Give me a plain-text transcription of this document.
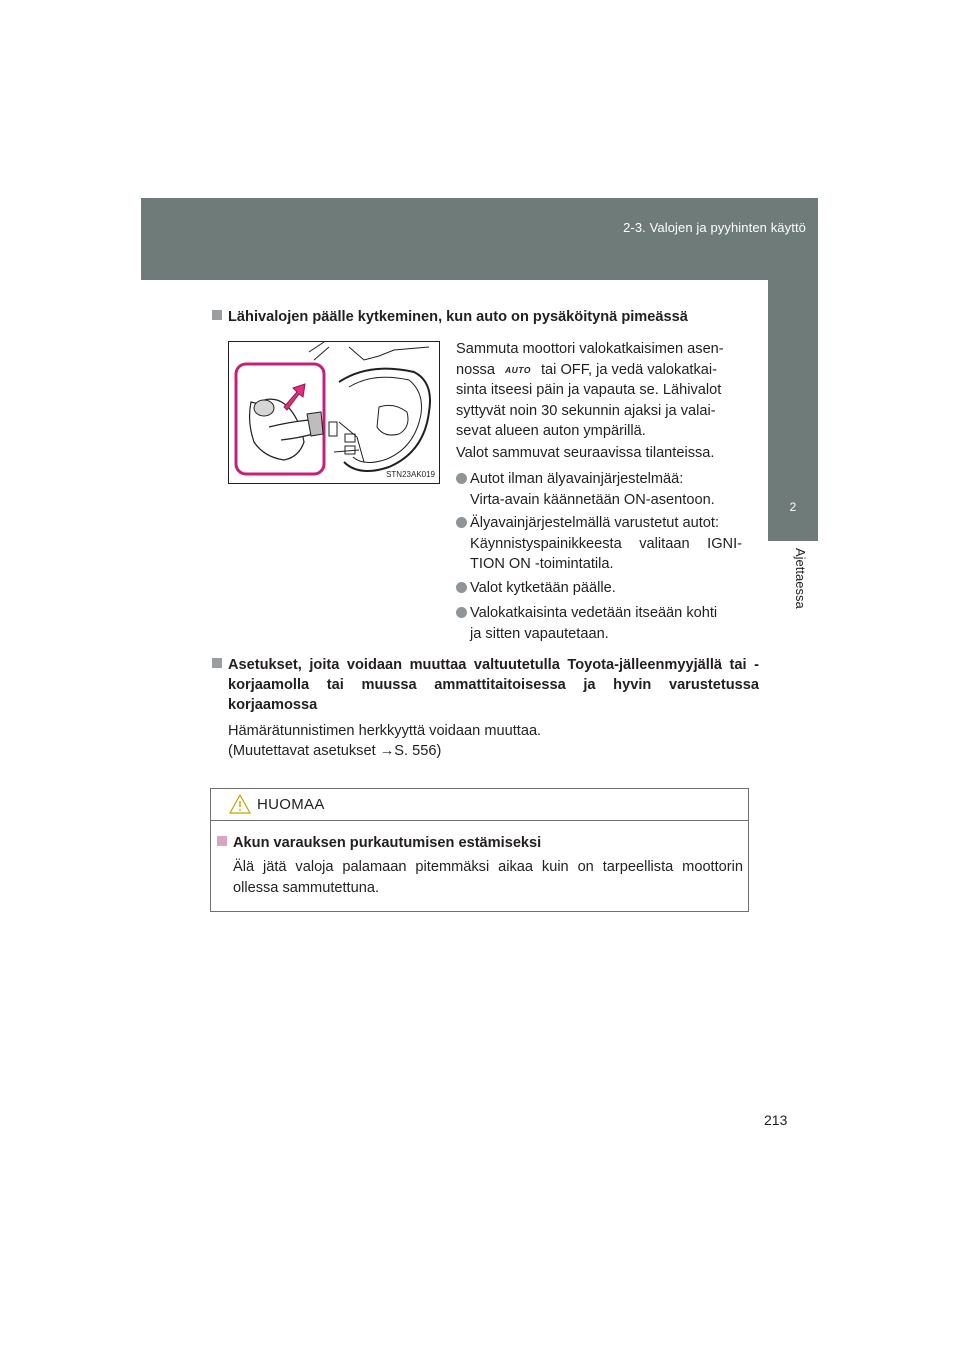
2-3. Valojen ja pyyhinten käyttö
2
Ajettaessa
Lähivalojen päälle kytkeminen, kun auto on pysäköitynä pimeässä
STN23AK019
Sammuta moottori valokatkaisimen asen-
nossa AUTO tai OFF, ja vedä valokatkai-
sinta itseesi päin ja vapauta se. Lähivalot
syttyvät noin 30 sekunnin ajaksi ja valai-
sevat alueen auton ympärillä.
Valot sammuvat seuraavissa tilanteissa.
Autot ilman älyavainjärjestelmää:
Virta-avain käännetään ON-asentoon.
Älyavainjärjestelmällä varustetut autot:
Käynnistyspainikkeesta valitaan IGNI- TION ON -toimintatila.
Valot kytketään päälle.
Valokatkaisinta vedetään itseään kohti
ja sitten vapautetaan.
Asetukset, joita voidaan muuttaa valtuutetulla Toyota-jälleenmyyjällä tai -korjaamolla tai muussa ammattitaitoisessa ja hyvin varustetussa korjaamossa
Hämärätunnistimen herkkyyttä voidaan muuttaa.
(Muutettavat asetukset →S. 556)
HUOMAA
Akun varauksen purkautumisen estämiseksi
Älä jätä valoja palamaan pitemmäksi aikaa kuin on tarpeellista moottorin ollessa sammutettuna.
213
